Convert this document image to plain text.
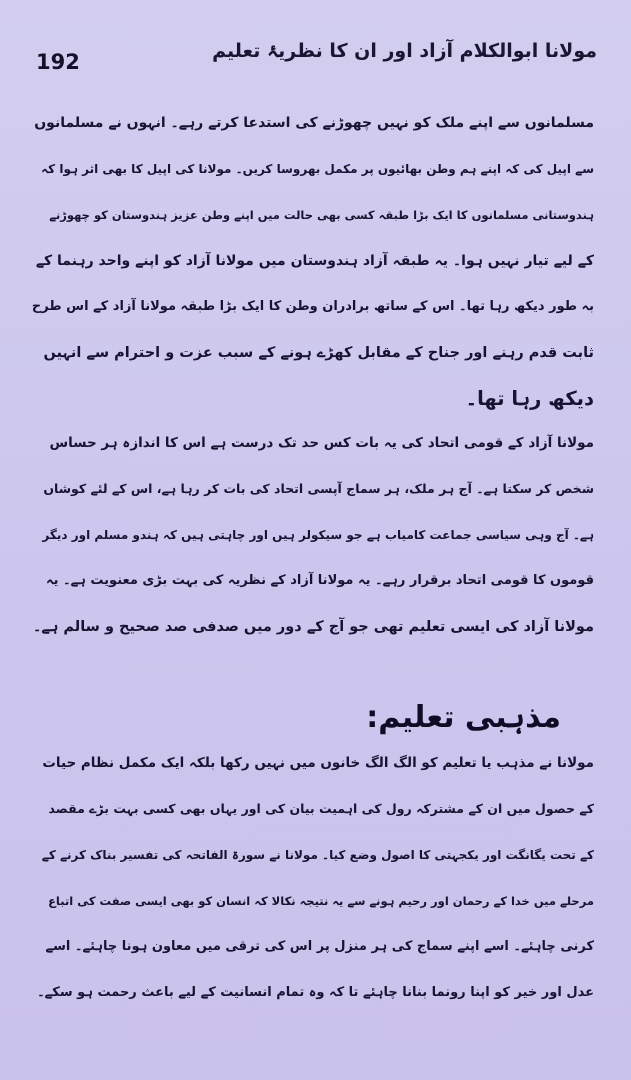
192	مولانا ابوالکلام آزاد اور ان کا نظریۂ تعلیم
مسلمانوں سے اپنے ملک کو نہیں چھوڑنے کی استدعا کرتے رہے۔ انہوں نے مسلمانوں
سے اپیل کی کہ اپنے ہم وطن بھائیوں پر مکمل بھروسا کریں۔ مولانا کی اپیل کا بھی اثر ہوا کہ
ہندوستانی مسلمانوں کا ایک بڑا طبقہ کسی بھی حالت میں اپنے وطن عزیز ہندوستان کو چھوڑنے
کے لیے تیار نہیں ہوا۔ یہ طبقہ آزاد ہندوستان میں مولانا آزاد کو اپنے واحد رہنما کے
بہ طور دیکھ رہا تھا۔ اس کے ساتھ برادران وطن کا ایک بڑا طبقہ مولانا آزاد کے اس طرح
ثابت قدم رہنے اور جناح کے مقابل کھڑے ہونے کے سبب عزت و احترام سے انہیں
دیکھ رہا تھا۔
مولانا آزاد کے قومی اتحاد کی یہ بات کس حد تک درست ہے اس کا اندازہ ہر حساس
شخص کر سکتا ہے۔ آج ہر ملک، ہر سماج آپسی اتحاد کی بات کر رہا ہے، اس کے لئے کوشاں
ہے۔ آج وہی سیاسی جماعت کامیاب ہے جو سیکولر ہیں اور چاہتی ہیں کہ ہندو مسلم اور دیگر
قوموں کا قومی اتحاد برقرار رہے۔ یہ مولانا آزاد کے نظریہ کی بہت بڑی معنویت ہے۔ یہ
مولانا آزاد کی ایسی تعلیم تھی جو آج کے دور میں صدفی صد صحیح و سالم ہے۔
مذہبی تعلیم:
مولانا نے مذہب یا تعلیم کو الگ الگ خانوں میں نہیں رکھا بلکہ ایک مکمل نظام حیات
کے حصول میں ان کے مشترکہ رول کی اہمیت بیان کی اور یہاں بھی کسی بہت بڑے مقصد
کے تحت یگانگت اور یکجہتی کا اصول وضع کیا۔ مولانا نے سورۃ الفاتحہ کی تفسیر بناک کرنے کے
مرحلے میں خدا کے رحمان اور رحیم ہونے سے یہ نتیجہ نکالا کہ انسان کو بھی ایسی صفت کی اتباع
کرنی چاہئے۔ اسے اپنے سماج کی ہر منزل پر اس کی ترقی میں معاون ہونا چاہئے۔ اسے
عدل اور خیر کو اپنا رونما بنانا چاہئے تا کہ وہ تمام انسانیت کے لیے باعث رحمت ہو سکے۔
